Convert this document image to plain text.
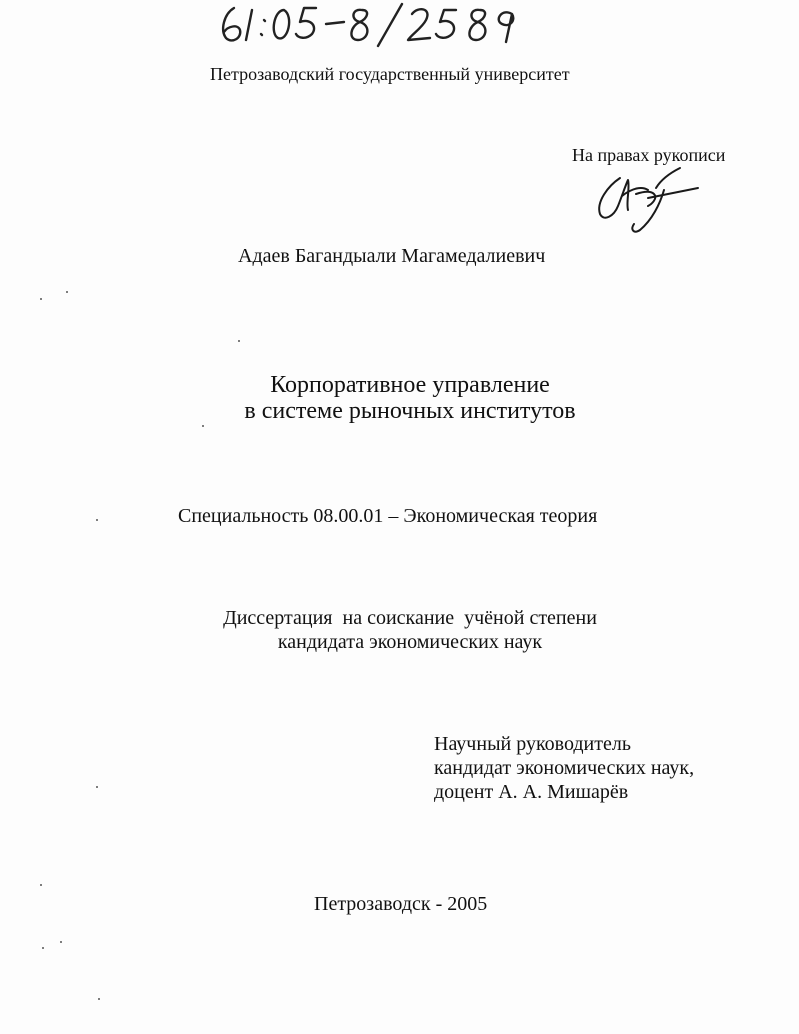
Петрозаводский государственный университет
На правах рукописи
Адаев Багандыали Магамедалиевич
Корпоративное управление
в системе рыночных институтов
Специальность 08.00.01 – Экономическая теория
Диссертация  на соискание  учёной степени
кандидата экономических наук
Научный руководитель
кандидат экономических наук,
доцент А. А. Мишарёв
Петрозаводск - 2005
